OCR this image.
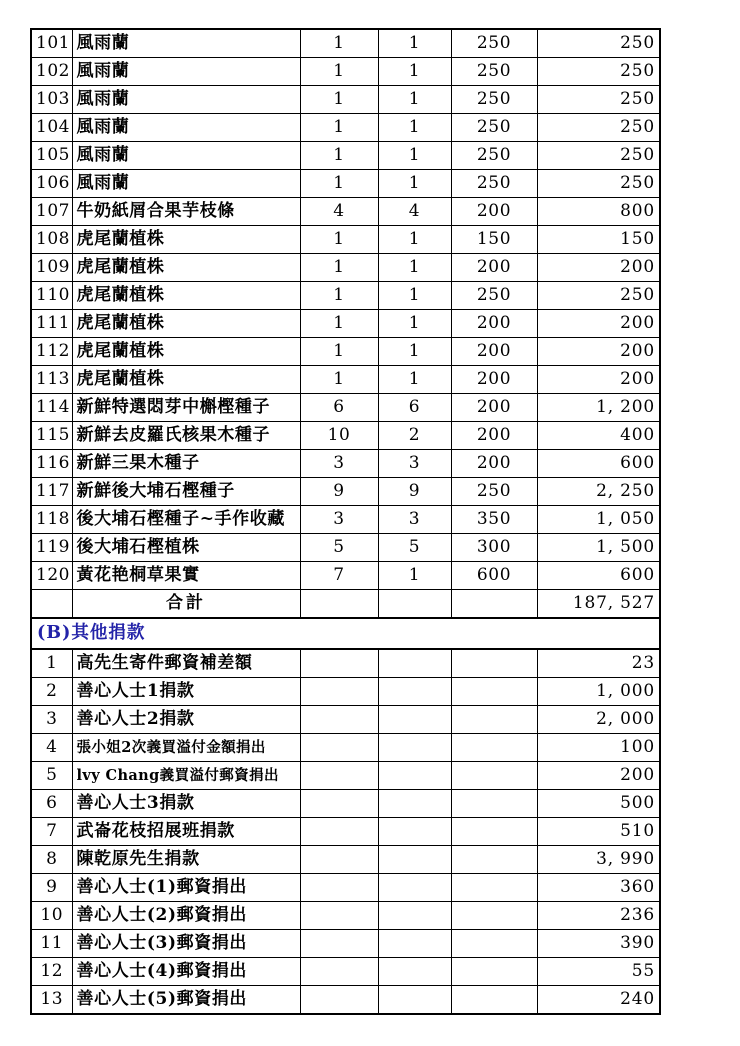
101	風雨蘭	1	1	250	250
102	風雨蘭	1	1	250	250
103	風雨蘭	1	1	250	250
104	風雨蘭	1	1	250	250
105	風雨蘭	1	1	250	250
106	風雨蘭	1	1	250	250
107	牛奶紙屑合果芋枝條	4	4	200	800
108	虎尾蘭植株	1	1	150	150
109	虎尾蘭植株	1	1	200	200
110	虎尾蘭植株	1	1	250	250
111	虎尾蘭植株	1	1	200	200
112	虎尾蘭植株	1	1	200	200
113	虎尾蘭植株	1	1	200	200
114	新鮮特選悶芽中槲樫種子	6	6	200	1, 200
115	新鮮去皮羅氏核果木種子	10	2	200	400
116	新鮮三果木種子	3	3	200	600
117	新鮮後大埔石樫種子	9	9	250	2, 250
118	後大埔石樫種子~手作收藏	3	3	350	1, 050
119	後大埔石樫植株	5	5	300	1, 500
120	黃花艳桐草果實	7	1	600	600
	合計				187, 527
(B)其他捐款					
1	高先生寄件郵資補差額				23
2	善心人士1捐款				1, 000
3	善心人士2捐款				2, 000
4	張小姐2次義買溢付金額捐出				100
5	lvy Chang義買溢付郵資捐出				200
6	善心人士3捐款				500
7	武崙花枝招展班捐款				510
8	陳乾原先生捐款				3, 990
9	善心人士(1)郵資捐出				360
10	善心人士(2)郵資捐出				236
11	善心人士(3)郵資捐出				390
12	善心人士(4)郵資捐出				55
13	善心人士(5)郵資捐出				240
